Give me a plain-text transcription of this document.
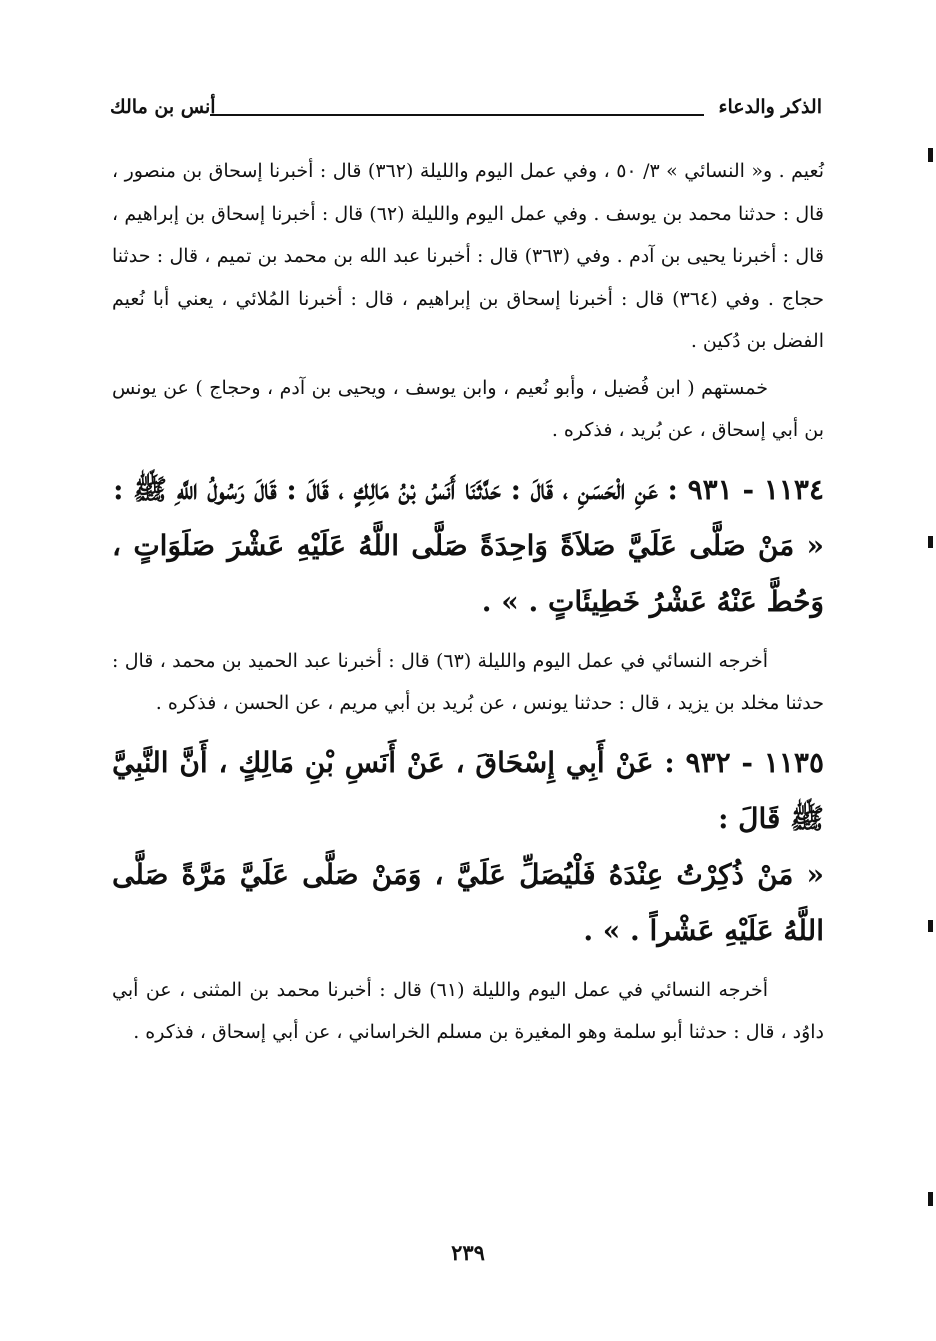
الذكر والدعاء
أنس بن مالك

نُعيم . و« النسائي » ٣/ ٥٠ ، وفي عمل اليوم والليلة (٣٦٢) قال : أخبرنا إسحاق بن منصور ، قال : حدثنا محمد بن يوسف . وفي عمل اليوم والليلة (٦٢) قال : أخبرنا إسحاق بن إبراهيم ، قال : أخبرنا يحيى بن آدم . وفي (٣٦٣) قال : أخبرنا عبد الله بن محمد بن تميم ، قال : حدثنا حجاج . وفي (٣٦٤) قال : أخبرنا إسحاق بن إبراهيم ، قال : أخبرنا المُلائي ، يعني أبا نُعيم الفضل بن دُكين .

خمستهم ( ابن فُضيل ، وأبو نُعيم ، وابن يوسف ، ويحيى بن آدم ، وحجاج ) عن يونس بن أبي إسحاق ، عن بُريد ، فذكره .

١١٣٤ - ٩٣١ : عَنِ الْحَسَنِ ، قَالَ : حَدَّثَنَا أَنَسُ بْنُ مَالِكٍ ، قَالَ : قَالَ رَسُولُ اللَّهِ ﷺ :

« مَنْ صَلَّى عَلَيَّ صَلاَةً وَاحِدَةً صَلَّى اللَّهُ عَلَيْهِ عَشْرَ صَلَوَاتٍ ، وَحُطَّ عَنْهُ عَشْرُ خَطِيئَاتٍ . » .

أخرجه النسائي في عمل اليوم والليلة (٦٣) قال : أخبرنا عبد الحميد بن محمد ، قال : حدثنا مخلد بن يزيد ، قال : حدثنا يونس ، عن بُريد بن أبي مريم ، عن الحسن ، فذكره .

١١٣٥ - ٩٣٢ : عَنْ أَبِي إِسْحَاقَ ، عَنْ أَنَسِ بْنِ مَالِكٍ ، أَنَّ النَّبِيَّ ﷺ قَالَ :

« مَنْ ذُكِرْتُ عِنْدَهُ فَلْيُصَلِّ عَلَيَّ ، وَمَنْ صَلَّى عَلَيَّ مَرَّةً صَلَّى اللَّهُ عَلَيْهِ عَشْراً . » .

أخرجه النسائي في عمل اليوم والليلة (٦١) قال : أخبرنا محمد بن المثنى ، عن أبي داوُد ، قال : حدثنا أبو سلمة وهو المغيرة بن مسلم الخراساني ، عن أبي إسحاق ، فذكره .

٢٣٩
